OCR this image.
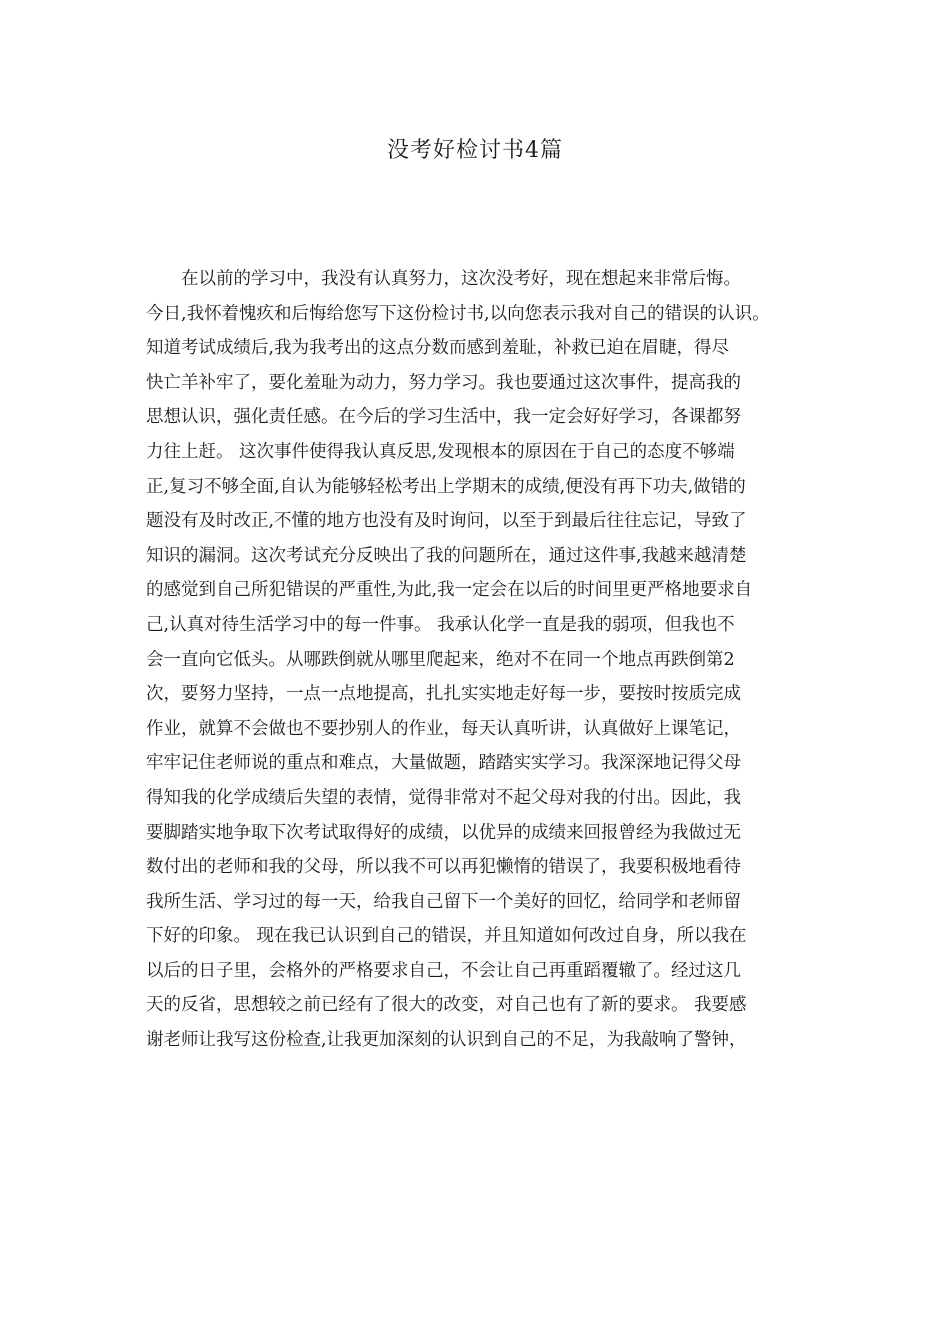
没考好检讨书4篇
　　在以前的学习中，我没有认真努力，这次没考好，现在想起来非常后悔。
今日,我怀着愧疚和后悔给您写下这份检讨书,以向您表示我对自己的错误的认识。
知道考试成绩后,我为我考出的这点分数而感到羞耻，补救已迫在眉睫，得尽
快亡羊补牢了，要化羞耻为动力，努力学习。我也要通过这次事件，提高我的
思想认识，强化责任感。在今后的学习生活中，我一定会好好学习，各课都努
力往上赶。 这次事件使得我认真反思,发现根本的原因在于自己的态度不够端
正,复习不够全面,自认为能够轻松考出上学期末的成绩,便没有再下功夫,做错的
题没有及时改正,不懂的地方也没有及时询问，以至于到最后往往忘记，导致了
知识的漏洞。这次考试充分反映出了我的问题所在，通过这件事,我越来越清楚
的感觉到自己所犯错误的严重性,为此,我一定会在以后的时间里更严格地要求自
己,认真对待生活学习中的每一件事。 我承认化学一直是我的弱项，但我也不
会一直向它低头。从哪跌倒就从哪里爬起来，绝对不在同一个地点再跌倒第2
次，要努力坚持，一点一点地提高，扎扎实实地走好每一步，要按时按质完成
作业，就算不会做也不要抄别人的作业，每天认真听讲，认真做好上课笔记，
牢牢记住老师说的重点和难点，大量做题，踏踏实实学习。我深深地记得父母
得知我的化学成绩后失望的表情，觉得非常对不起父母对我的付出。因此，我
要脚踏实地争取下次考试取得好的成绩，以优异的成绩来回报曾经为我做过无
数付出的老师和我的父母，所以我不可以再犯懒惰的错误了，我要积极地看待
我所生活、学习过的每一天，给我自己留下一个美好的回忆，给同学和老师留
下好的印象。 现在我已认识到自己的错误，并且知道如何改过自身，所以我在
以后的日子里，会格外的严格要求自己，不会让自己再重蹈覆辙了。经过这几
天的反省，思想较之前已经有了很大的改变，对自己也有了新的要求。 我要感
谢老师让我写这份检查,让我更加深刻的认识到自己的不足，为我敲响了警钟，
